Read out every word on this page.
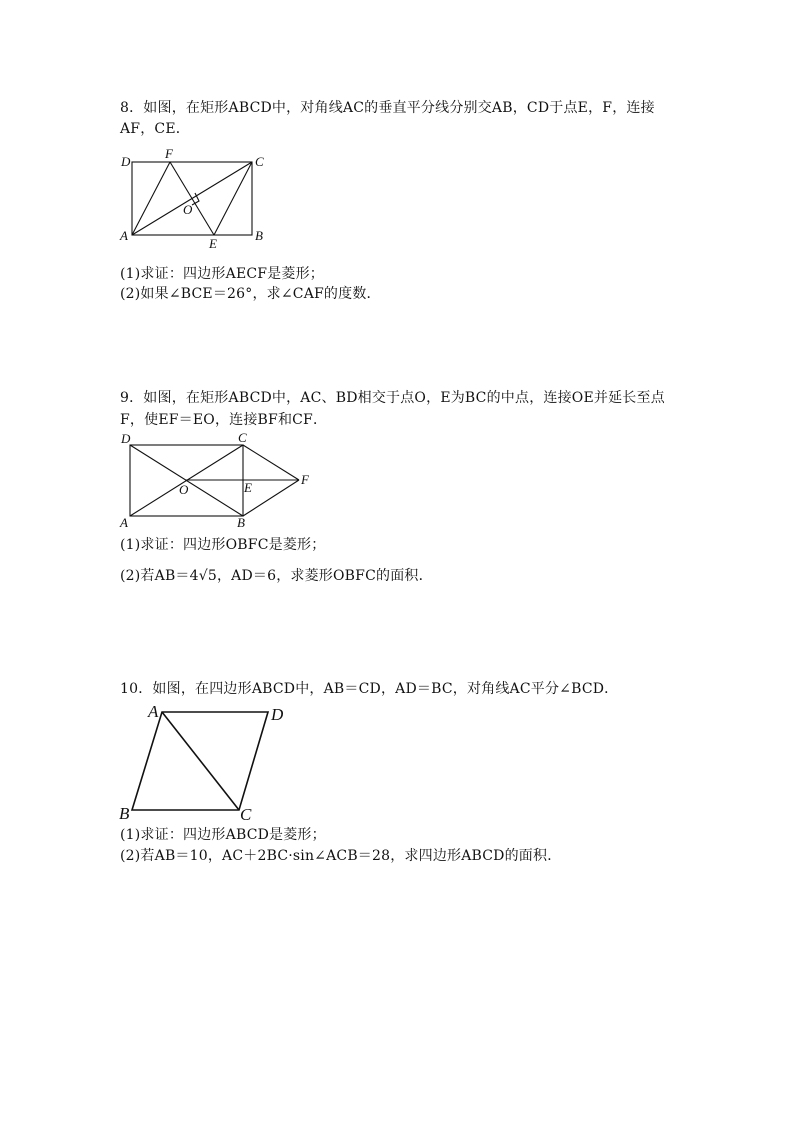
8．如图，在矩形ABCD中，对角线AC的垂直平分线分别交AB，CD于点E，F，连接
AF，CE．
D
F
C
O
A
E
B
(1)求证：四边形AECF是菱形；
(2)如果∠BCE＝26°，求∠CAF的度数．
9．如图，在矩形ABCD中，AC、BD相交于点O，E为BC的中点，连接OE并延长至点
F，使EF＝EO，连接BF和CF．
D	C
O	E
F
A	B
(1)求证：四边形OBFC是菱形；
(2)若AB＝4√5，AD＝6，求菱形OBFC的面积．
10．如图，在四边形ABCD中，AB＝CD，AD＝BC，对角线AC平分∠BCD．
A	D
B	C
(1)求证：四边形ABCD是菱形；
(2)若AB＝10，AC＋2BC·sin∠ACB＝28，求四边形ABCD的面积．
